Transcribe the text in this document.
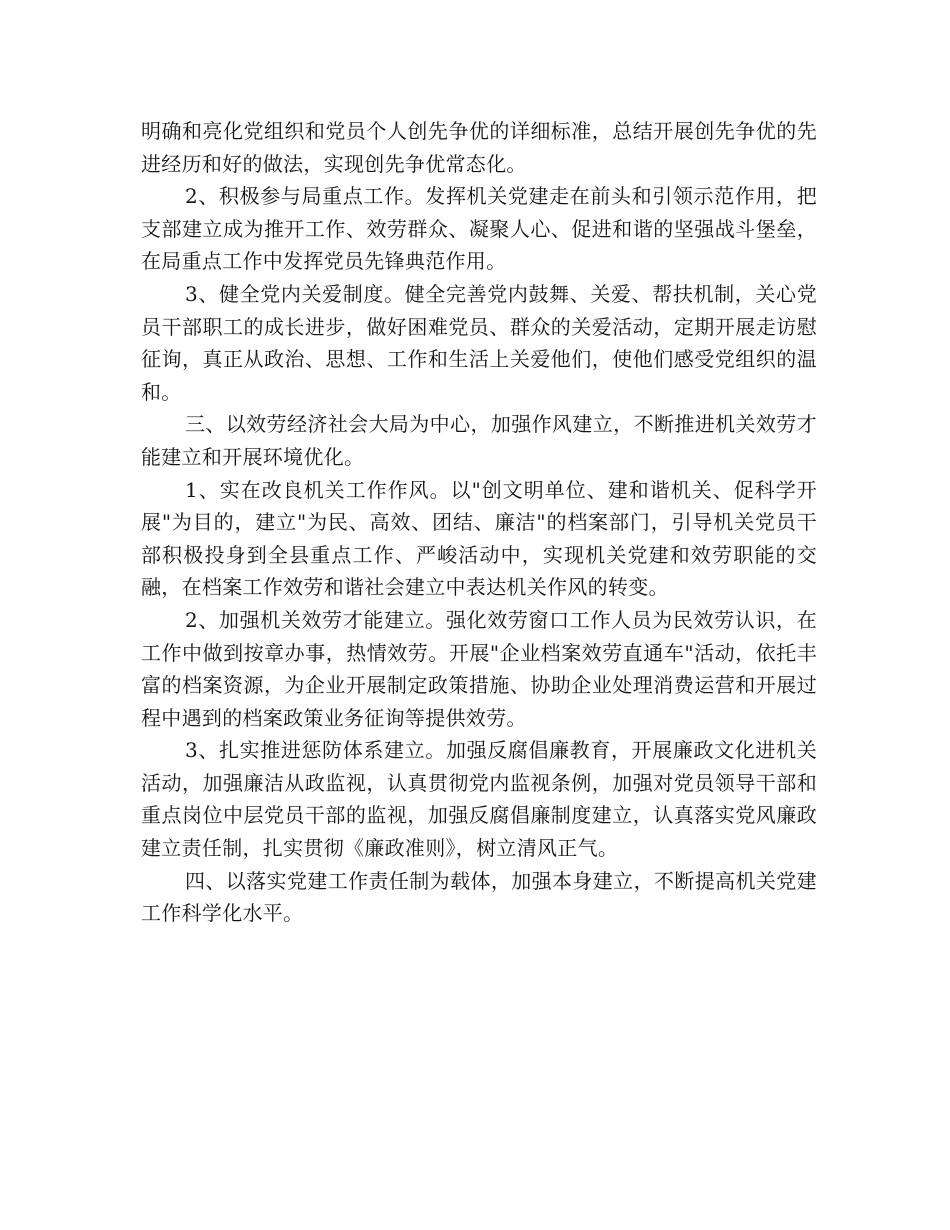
明确和亮化党组织和党员个人创先争优的详细标准，总结开展创先争优的先进经历和好的做法，实现创先争优常态化。

2、积极参与局重点工作。发挥机关党建走在前头和引领示范作用，把支部建立成为推开工作、效劳群众、凝聚人心、促进和谐的坚强战斗堡垒，在局重点工作中发挥党员先锋典范作用。

3、健全党内关爱制度。健全完善党内鼓舞、关爱、帮扶机制，关心党员干部职工的成长进步，做好困难党员、群众的关爱活动，定期开展走访慰征询，真正从政治、思想、工作和生活上关爱他们，使他们感受党组织的温和。

三、以效劳经济社会大局为中心，加强作风建立，不断推进机关效劳才能建立和开展环境优化。

1、实在改良机关工作作风。以"创文明单位、建和谐机关、促科学开展"为目的，建立"为民、高效、团结、廉洁"的档案部门，引导机关党员干部积极投身到全县重点工作、严峻活动中，实现机关党建和效劳职能的交融，在档案工作效劳和谐社会建立中表达机关作风的转变。

2、加强机关效劳才能建立。强化效劳窗口工作人员为民效劳认识，在工作中做到按章办事，热情效劳。开展"企业档案效劳直通车"活动，依托丰富的档案资源，为企业开展制定政策措施、协助企业处理消费运营和开展过程中遇到的档案政策业务征询等提供效劳。

3、扎实推进惩防体系建立。加强反腐倡廉教育，开展廉政文化进机关活动，加强廉洁从政监视，认真贯彻党内监视条例，加强对党员领导干部和重点岗位中层党员干部的监视，加强反腐倡廉制度建立，认真落实党风廉政建立责任制，扎实贯彻《廉政准则》，树立清风正气。

四、以落实党建工作责任制为载体，加强本身建立，不断提高机关党建工作科学化水平。
